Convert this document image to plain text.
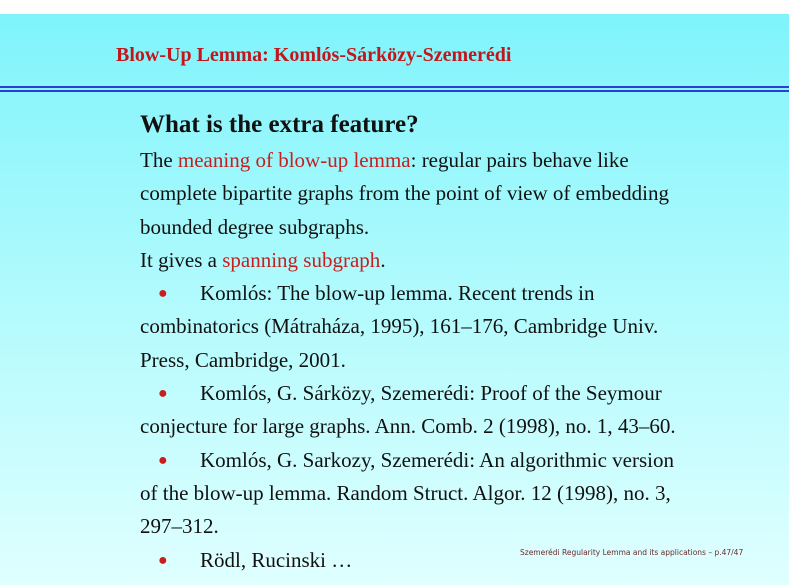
Blow-Up Lemma: Komlós-Sárközy-Szemerédi
What is the extra feature?
The meaning of blow-up lemma: regular pairs behave like
complete bipartite graphs from the point of view of embedding
bounded degree subgraphs.
It gives a spanning subgraph.
● Komlós: The blow-up lemma. Recent trends in
combinatorics (Mátraháza, 1995), 161–176, Cambridge Univ.
Press, Cambridge, 2001.
● Komlós, G. Sárközy, Szemerédi: Proof of the Seymour
conjecture for large graphs. Ann. Comb. 2 (1998), no. 1, 43–60.
● Komlós, G. Sarkozy, Szemerédi: An algorithmic version
of the blow-up lemma. Random Struct. Algor. 12 (1998), no. 3,
297–312.
● Rödl, Rucinski …	Szemerédi Regularity Lemma and its applications – p.47/47
